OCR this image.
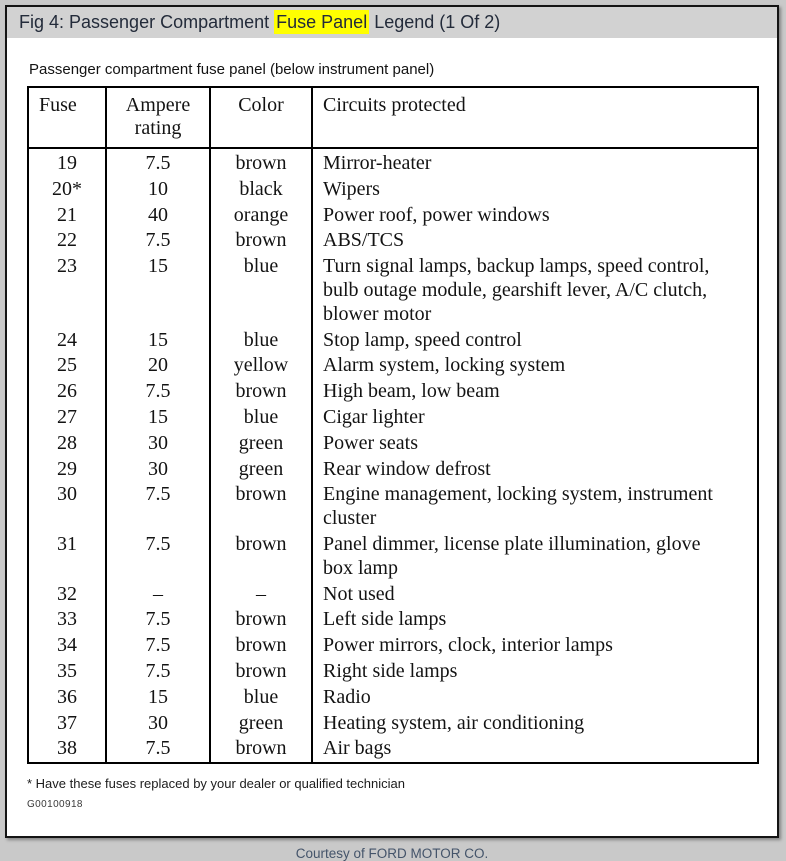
Fig 4: Passenger Compartment Fuse Panel Legend (1 Of 2)
Passenger compartment fuse panel (below instrument panel)
Fuse	Ampere rating	Color	Circuits protected
19	7.5	brown	Mirror-heater
20*	10	black	Wipers
21	40	orange	Power roof, power windows
22	7.5	brown	ABS/TCS
23	15	blue	Turn signal lamps, backup lamps, speed control, bulb outage module, gearshift lever, A/C clutch, blower motor
24	15	blue	Stop lamp, speed control
25	20	yellow	Alarm system, locking system
26	7.5	brown	High beam, low beam
27	15	blue	Cigar lighter
28	30	green	Power seats
29	30	green	Rear window defrost
30	7.5	brown	Engine management, locking system, instrument cluster
31	7.5	brown	Panel dimmer, license plate illumination, glove box lamp
32	–	–	Not used
33	7.5	brown	Left side lamps
34	7.5	brown	Power mirrors, clock, interior lamps
35	7.5	brown	Right side lamps
36	15	blue	Radio
37	30	green	Heating system, air conditioning
38	7.5	brown	Air bags
* Have these fuses replaced by your dealer or qualified technician
G00100918
Courtesy of FORD MOTOR CO.
